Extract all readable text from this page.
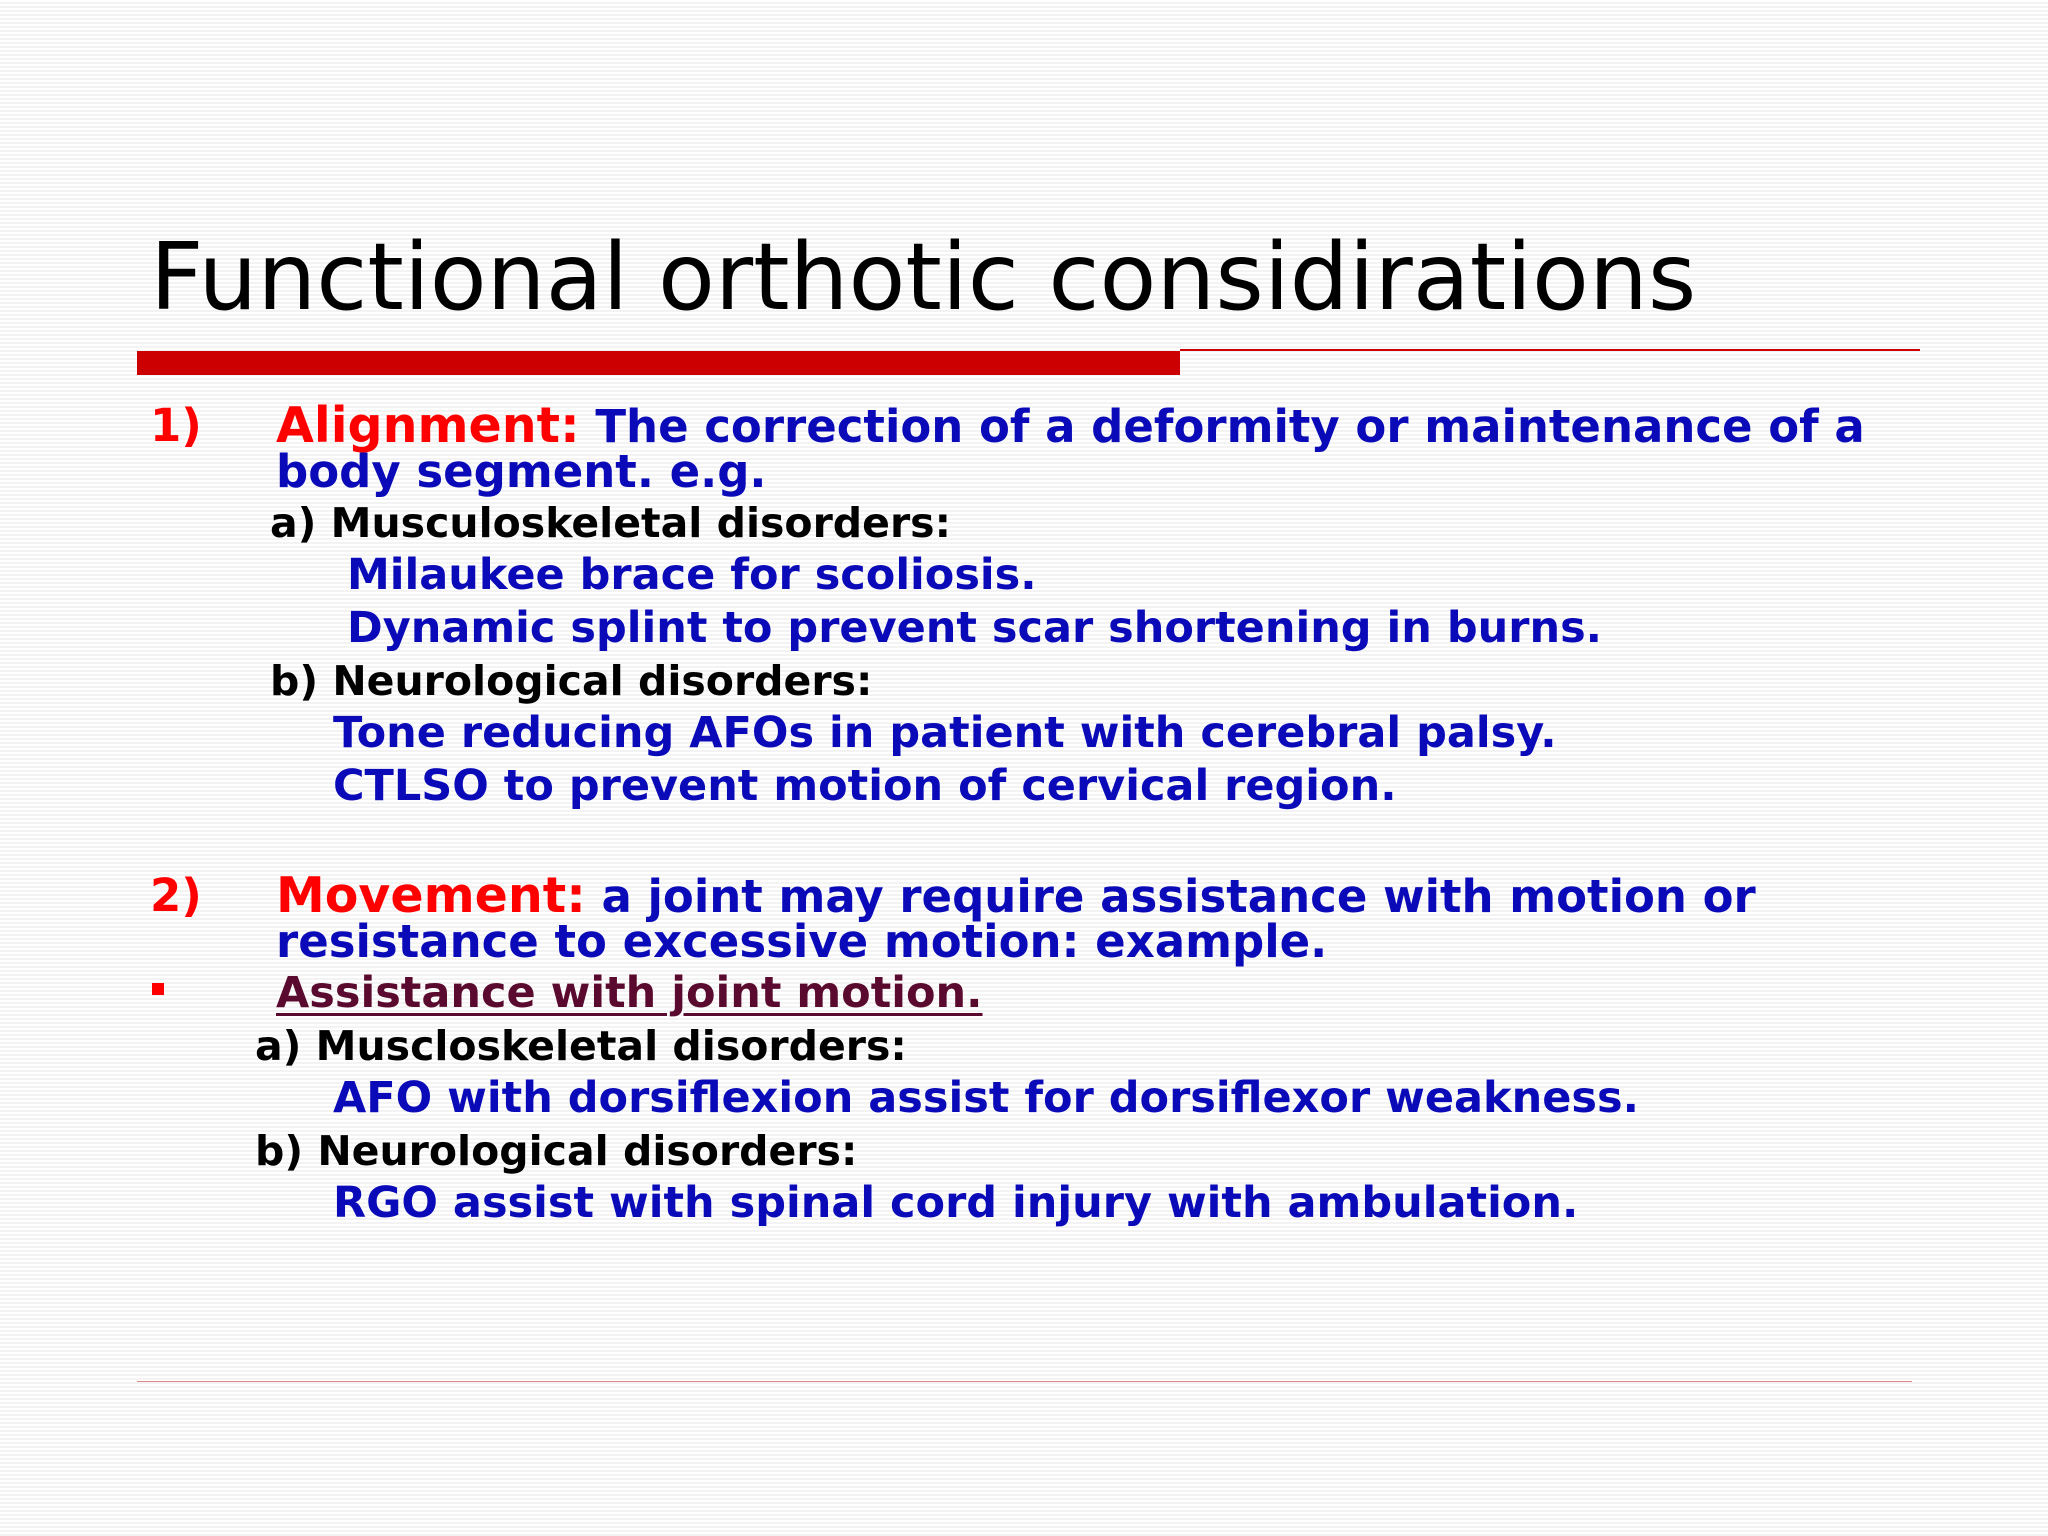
Functional orthotic considirations
1) Alignment: The correction of a deformity or maintenance of a

body segment. e.g.

a) Musculoskeletal disorders:

Milaukee brace for scoliosis.

Dynamic splint to prevent scar shortening in burns.

b) Neurological disorders:

Tone reducing AFOs in patient with cerebral palsy.

CTLSO to prevent motion of cervical region.

2) Movement: a joint may require assistance with motion or

resistance to excessive motion: example.

Assistance with joint motion.

a) Muscloskeletal disorders:

AFO with dorsiflexion assist for dorsiflexor weakness.

b) Neurological disorders:

RGO assist with spinal cord injury with ambulation.
